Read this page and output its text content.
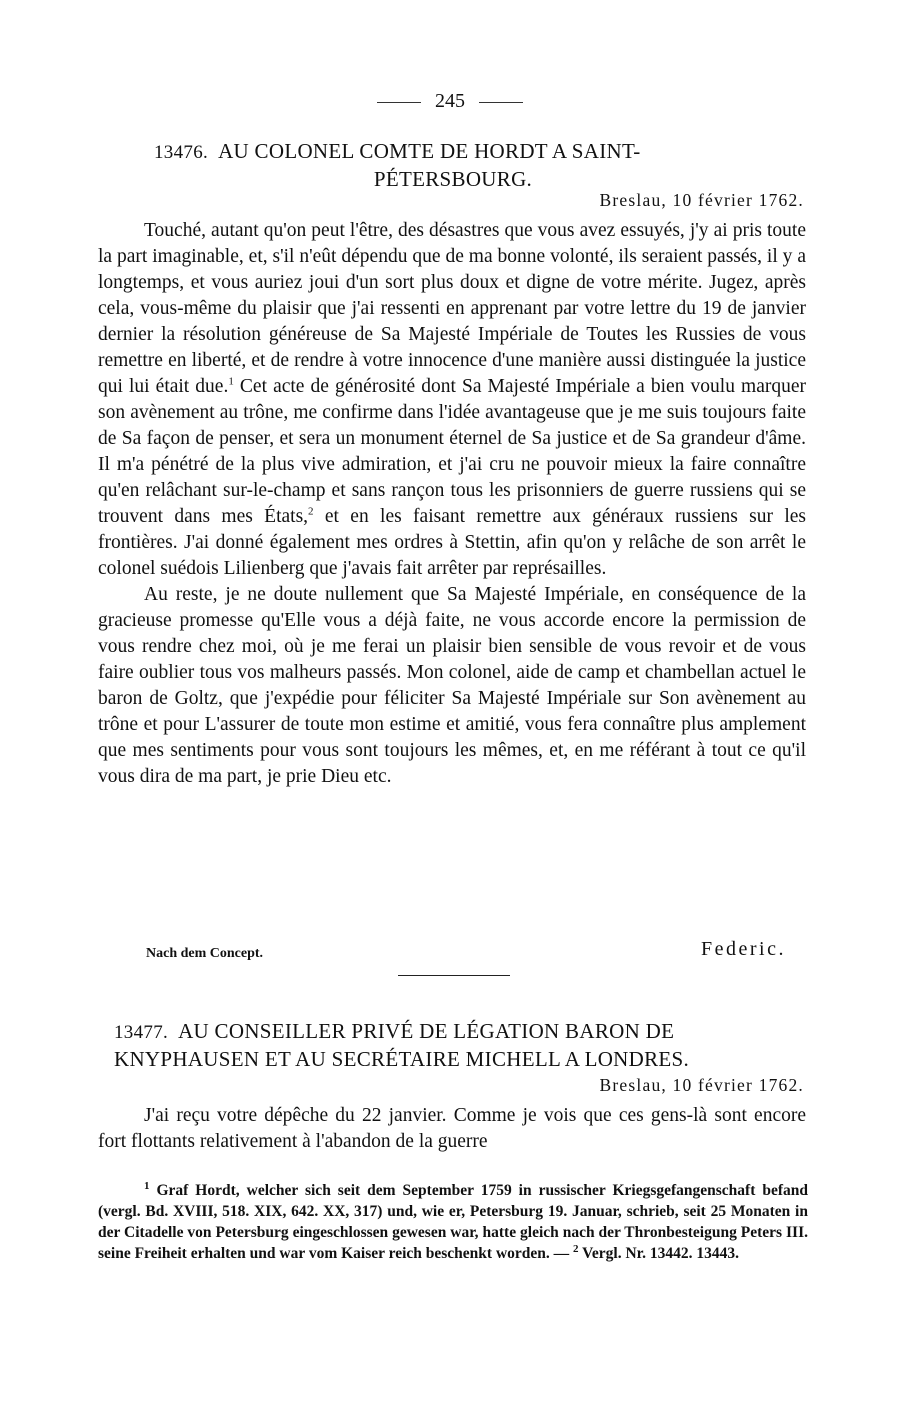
245
13476. AU COLONEL COMTE DE HORDT A SAINT-
PÉTERSBOURG.
Breslau, 10 février 1762.

Touché, autant qu'on peut l'être, des désastres que vous avez essuyés, j'y ai pris toute la part imaginable, et, s'il n'eût dépendu que de ma bonne volonté, ils seraient passés, il y a longtemps, et vous auriez joui d'un sort plus doux et digne de votre mérite. Jugez, après cela, vous-même du plaisir que j'ai ressenti en apprenant par votre lettre du 19 de janvier dernier la résolution généreuse de Sa Majesté Impériale de Toutes les Russies de vous remettre en liberté, et de rendre à votre innocence d'une manière aussi distinguée la justice qui lui était due.$^1$ Cet acte de générosité dont Sa Majesté Impériale a bien voulu marquer son avènement au trône, me confirme dans l'idée avantageuse que je me suis toujours faite de Sa façon de penser, et sera un monument éternel de Sa justice et de Sa grandeur d'âme. Il m'a pénétré de la plus vive admiration, et j'ai cru ne pouvoir mieux la faire connaître qu'en relâchant sur-le-champ et sans rançon tous les prisonniers de guerre russiens qui se trouvent dans mes États,$^2$ et en les faisant remettre aux généraux russiens sur les frontières. J'ai donné également mes ordres à Stettin, afin qu'on y relâche de son arrêt le colonel suédois Lilienberg que j'avais fait arrêter par représailles.

Au reste, je ne doute nullement que Sa Majesté Impériale, en conséquence de la gracieuse promesse qu'Elle vous a déjà faite, ne vous accorde encore la permission de vous rendre chez moi, où je me ferai un plaisir bien sensible de vous revoir et de vous faire oublier tous vos malheurs passés. Mon colonel, aide de camp et chambellan actuel le baron de Goltz, que j'expédie pour féliciter Sa Majesté Impériale sur Son avènement au trône et pour L'assurer de toute mon estime et amitié, vous fera connaître plus amplement que mes sentiments pour vous sont toujours les mêmes, et, en me référant à tout ce qu'il vous dira de ma part, je prie Dieu etc.

Nach dem Concept.	Federic.
13477. AU CONSEILLER PRIVÉ DE LÉGATION BARON DE
KNYPHAUSEN ET AU SECRÉTAIRE MICHELL A LONDRES.
Breslau, 10 février 1762.

J'ai reçu votre dépêche du 22 janvier. Comme je vois que ces gens-là sont encore fort flottants relativement à l'abandon de la guerre

$^1$ Graf Hordt, welcher sich seit dem September 1759 in russischer Kriegsgefangenschaft befand (vergl. Bd. XVIII, 518. XIX, 642. XX, 317) und, wie er, Petersburg 19. Januar, schrieb, seit 25 Monaten in der Citadelle von Petersburg eingeschlossen gewesen war, hatte gleich nach der Thronbesteigung Peters III. seine Freiheit erhalten und war vom Kaiser reich beschenkt worden. — $^2$ Vergl. Nr. 13442. 13443.
